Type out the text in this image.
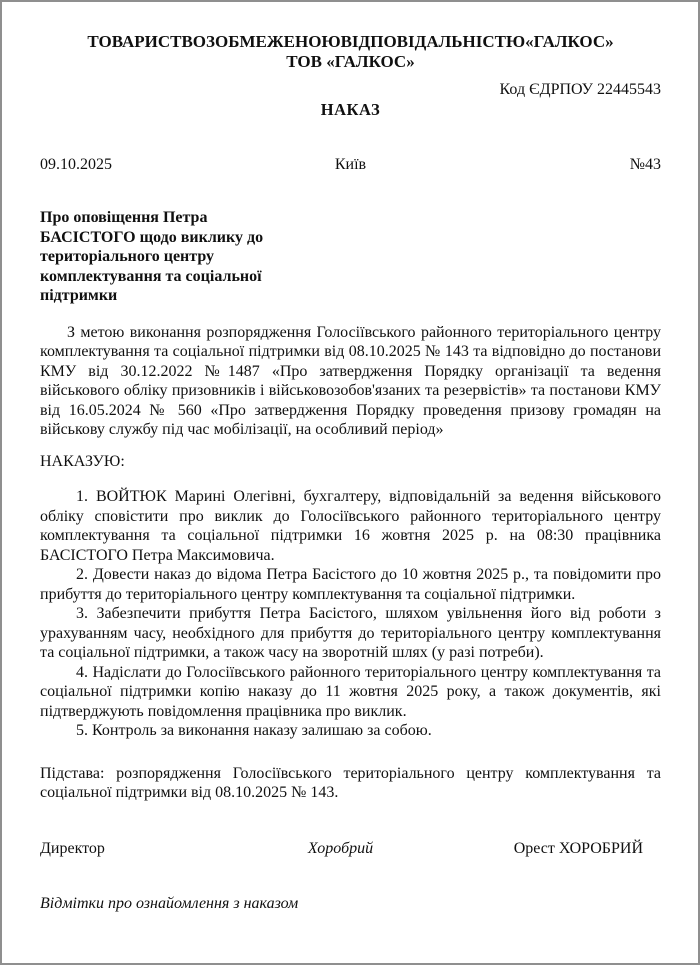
ТОВАРИСТВОЗОБМЕЖЕНОЮВІДПОВІДАЛЬНІСТЮ«ГАЛКОС»
ТОВ «ГАЛКОС»
Код ЄДРПОУ 22445543
НАКАЗ
09.10.2025	Київ	№43
Про оповіщення Петра
БАСІСТОГО щодо виклику до
територіального центру
комплектування та соціальної
підтримки

З метою виконання розпорядження Голосіївського районного територіального центру комплектування та соціальної підтримки від 08.10.2025 № 143 та відповідно до постанови КМУ від 30.12.2022 №1487 «Про затвердження Порядку організації та ведення військового обліку призовників і військовозобов'язаних та резервістів» та постанови КМУ від 16.05.2024 № 560 «Про затвердження Порядку проведення призову громадян на військову службу під час мобілізації, на особливий період»

НАКАЗУЮ:

1. ВОЙТЮК Марині Олегівні, бухгалтеру, відповідальній за ведення військового обліку сповістити про виклик до Голосіївського районного територіального центру комплектування та соціальної підтримки 16 жовтня 2025 р. на 08:30 працівника БАСІСТОГО Петра Максимовича.

2. Довести наказ до відома Петра Басістого до 10 жовтня 2025 р., та повідомити про прибуття до територіального центру комплектування та соціальної підтримки.

3. Забезпечити прибуття Петра Басістого, шляхом увільнення його від роботи з урахуванням часу, необхідного для прибуття до територіального центру комплектування та соціальної підтримки, а також часу на зворотній шлях (у разі потреби).

4. Надіслати до Голосіївського районного територіального центру комплектування та соціальної підтримки копію наказу до 11 жовтня 2025 року, а також документів, які підтверджують повідомлення працівника про виклик.

5. Контроль за виконання наказу залишаю за собою.

Підстава: розпорядження Голосіївського територіального центру комплектування та соціальної підтримки від 08.10.2025 № 143.

Директор	Хоробрий	Орест ХОРОБРИЙ

Відмітки про ознайомлення з наказом
